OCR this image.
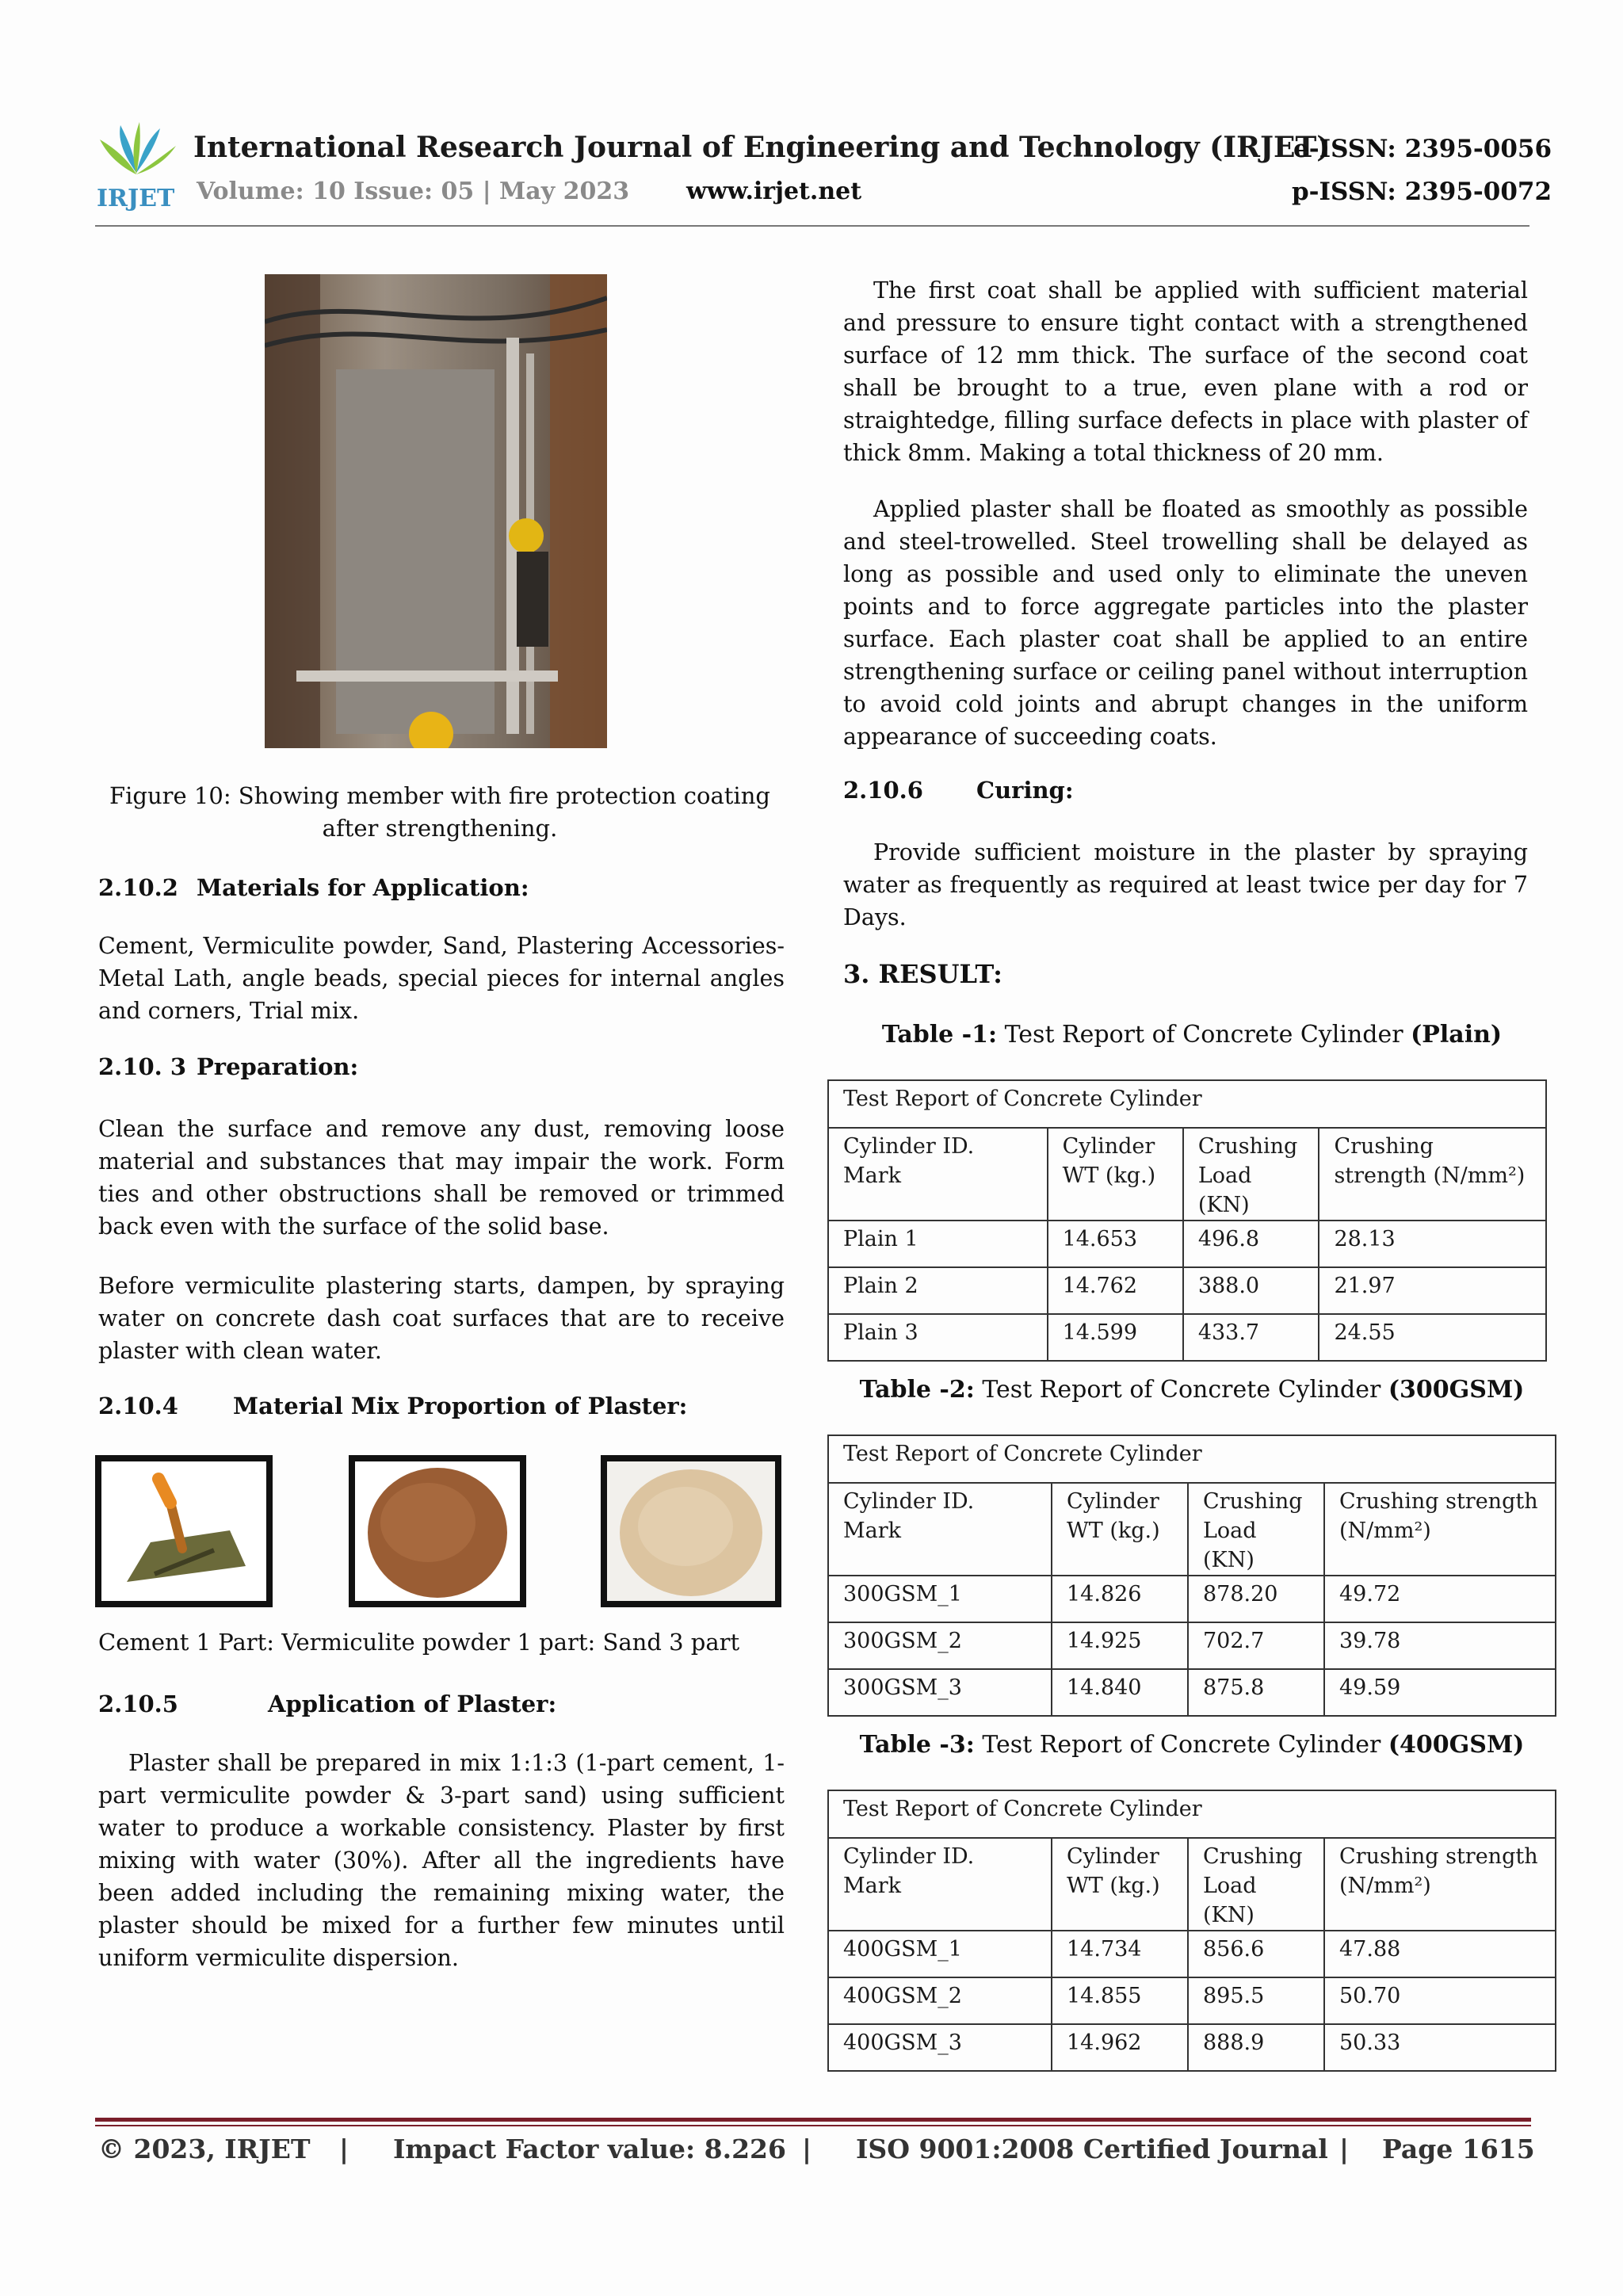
IRJET
International Research Journal of Engineering and Technology (IRJET)
e-ISSN: 2395-0056
Volume: 10 Issue: 05 | May 2023 www.irjet.net	p-ISSN: 2395-0072
Figure 10: Showing member with fire protection coating after strengthening.
2.10.2 Materials for Application:

Cement, Vermiculite powder, Sand, Plastering Accessories-Metal Lath, angle beads, special pieces for internal angles and corners, Trial mix.

2.10. 3 Preparation:

Clean the surface and remove any dust, removing loose material and substances that may impair the work. Form ties and other obstructions shall be removed or trimmed back even with the surface of the solid base.

Before vermiculite plastering starts, dampen, by spraying water on concrete dash coat surfaces that are to receive plaster with clean water.

2.10.4 Material Mix Proportion of Plaster:
Cement 1 Part: Vermiculite powder 1 part: Sand 3 part
2.10.5	Application of Plaster:

Plaster shall be prepared in mix 1:1:3 (1-part cement, 1-part vermiculite powder & 3-part sand) using sufficient water to produce a workable consistency. Plaster by first mixing with water (30%). After all the ingredients have been added including the remaining mixing water, the plaster should be mixed for a further few minutes until uniform vermiculite dispersion.

The first coat shall be applied with sufficient material and pressure to ensure tight contact with a strengthened surface of 12 mm thick. The surface of the second coat shall be brought to a true, even plane with a rod or straightedge, filling surface defects in place with plaster of thick 8mm. Making a total thickness of 20 mm.

Applied plaster shall be floated as smoothly as possible and steel-trowelled. Steel trowelling shall be delayed as long as possible and used only to eliminate the uneven points and to force aggregate particles into the plaster surface. Each plaster coat shall be applied to an entire strengthening surface or ceiling panel without interruption to avoid cold joints and abrupt changes in the uniform appearance of succeeding coats.

2.10.6 Curing:

Provide sufficient moisture in the plaster by spraying water as frequently as required at least twice per day for 7 Days.

3. RESULT:
Table -1: Test Report of Concrete Cylinder (Plain)
Test Report of Concrete Cylinder			
Cylinder ID. Mark	Cylinder WT (kg.)	Crushing Load (KN)	Crushing strength (N/mm²)
Plain 1	14.653	496.8	28.13
Plain 2	14.762	388.0	21.97
Plain 3	14.599	433.7	24.55
Table -2: Test Report of Concrete Cylinder (300GSM)
Test Report of Concrete Cylinder			
Cylinder ID. Mark	Cylinder WT (kg.)	Crushing Load (KN)	Crushing strength (N/mm²)
300GSM_1	14.826	878.20	49.72
300GSM_2	14.925	702.7	39.78
300GSM_3	14.840	875.8	49.59
Table -3: Test Report of Concrete Cylinder (400GSM)
Test Report of Concrete Cylinder			
Cylinder ID. Mark	Cylinder WT (kg.)	Crushing Load (KN)	Crushing strength (N/mm²)
400GSM_1	14.734	856.6	47.88
400GSM_2	14.855	895.5	50.70
400GSM_3	14.962	888.9	50.33
© 2023, IRJET | Impact Factor value: 8.226 | ISO 9001:2008 Certified Journal | Page 1615
